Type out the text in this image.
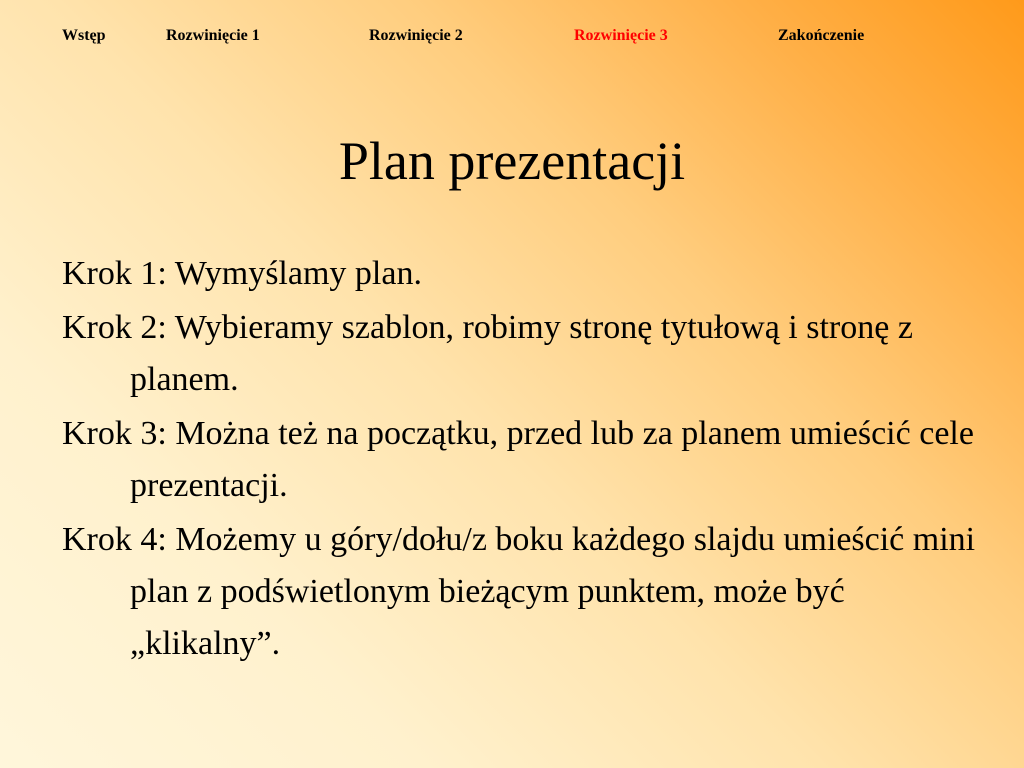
Wstęp	Rozwinięcie 1	Rozwinięcie 2	Rozwinięcie 3	Zakończenie
Plan prezentacji
Krok 1: Wymyślamy plan.
Krok 2: Wybieramy szablon, robimy stronę tytułową i stronę z planem.
Krok 3: Można też na początku, przed lub za planem umieścić cele prezentacji.
Krok 4: Możemy u góry/dołu/z boku każdego slajdu umieścić mini plan z podświetlonym bieżącym punktem, może być „klikalny”.
